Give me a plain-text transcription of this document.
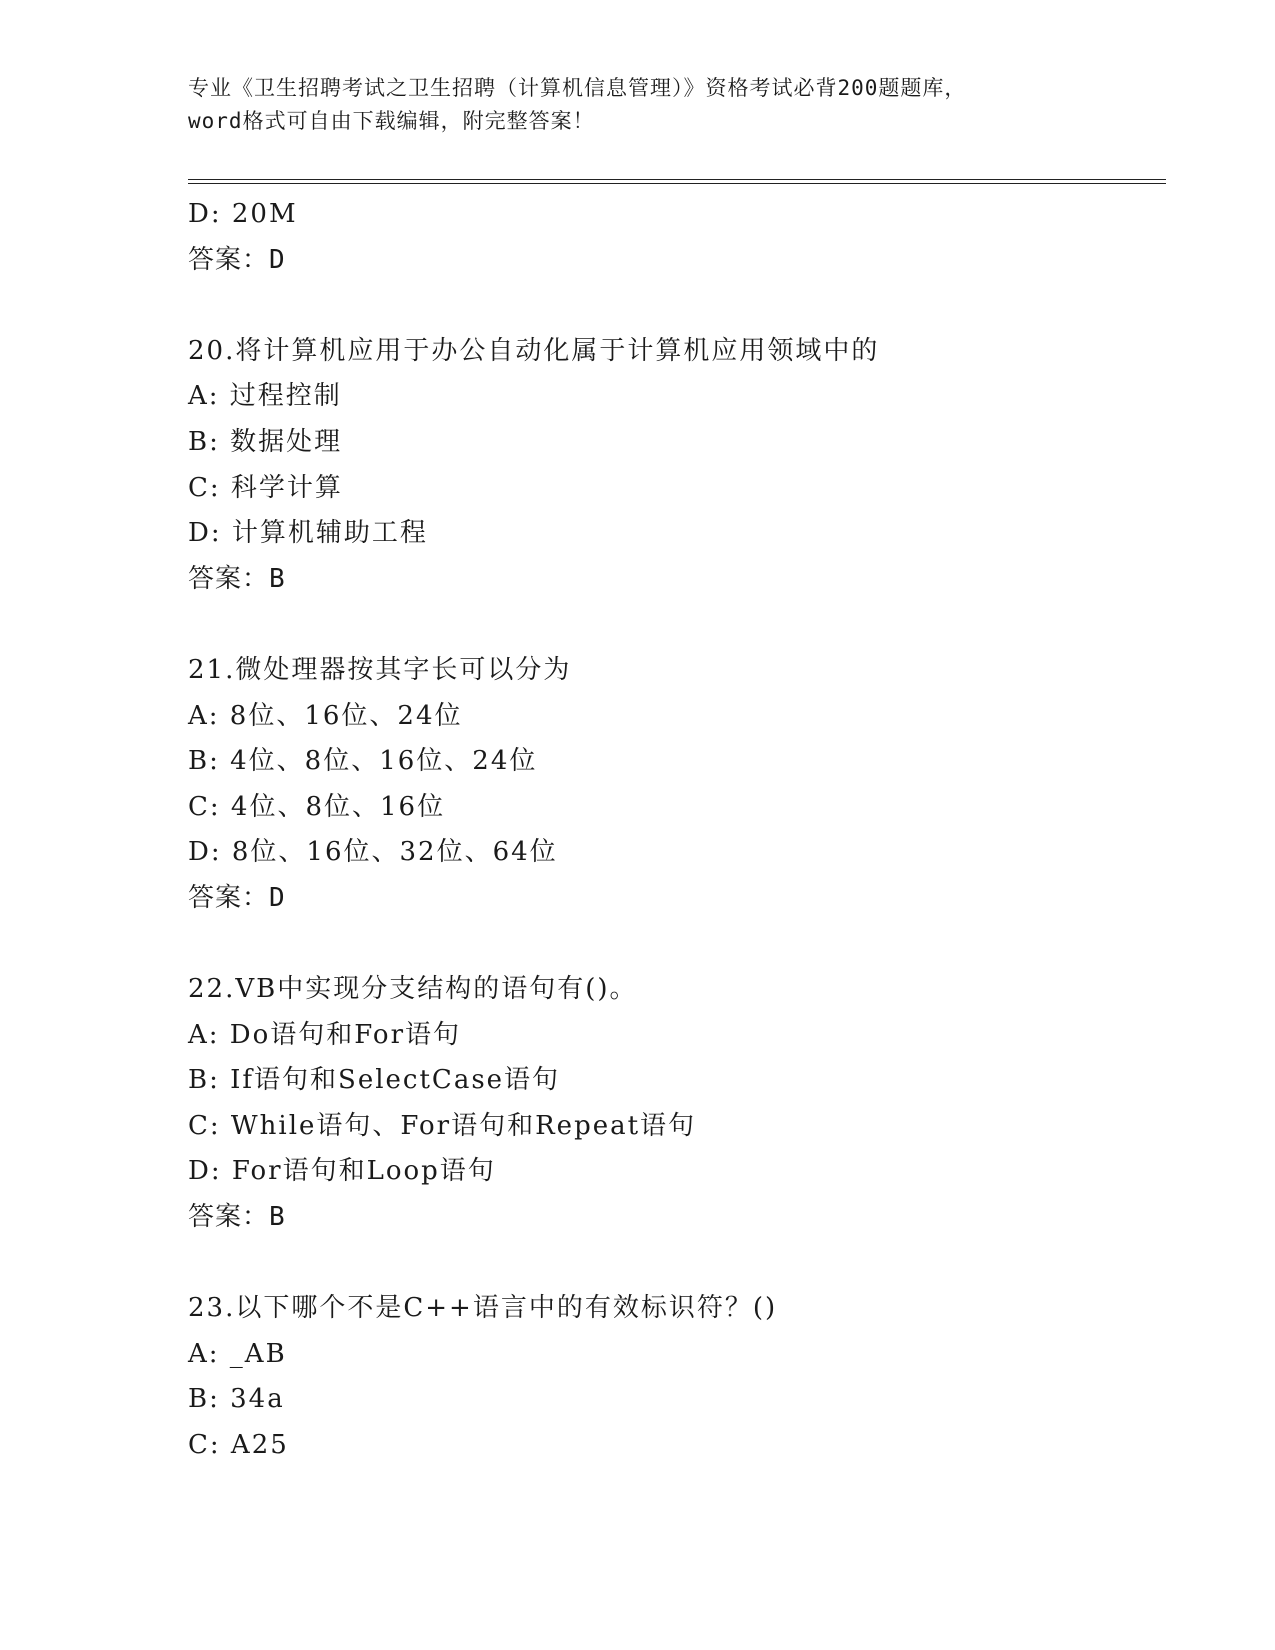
专业《卫生招聘考试之卫生招聘（计算机信息管理）》资格考试必背200题题库，
word格式可自由下载编辑，附完整答案！
D: 20M
答案：D
20.将计算机应用于办公自动化属于计算机应用领域中的
A: 过程控制
B: 数据处理
C: 科学计算
D: 计算机辅助工程
答案：B
21.微处理器按其字长可以分为
A: 8位、16位、24位
B: 4位、8位、16位、24位
C: 4位、8位、16位
D: 8位、16位、32位、64位
答案：D
22.VB中实现分支结构的语句有()。
A: Do语句和For语句
B: If语句和SelectCase语句
C: While语句、For语句和Repeat语句
D: For语句和Loop语句
答案：B
23.以下哪个不是C++语言中的有效标识符？()
A: _AB
B: 34a
C: A25
